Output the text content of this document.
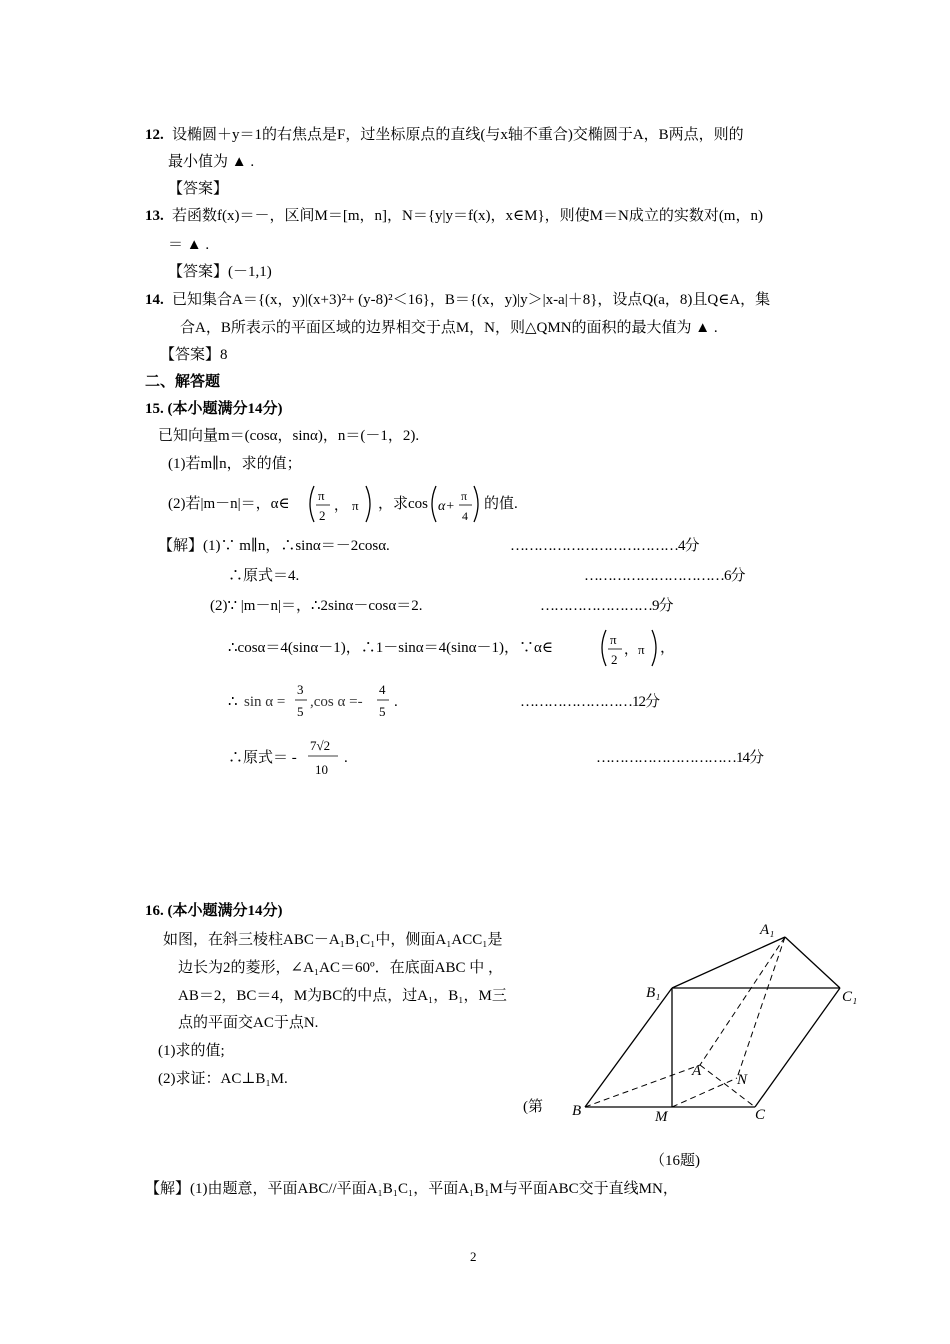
12. 设椭圆＋y＝1的右焦点是F，过坐标原点的直线(与x轴不重合)交椭圆于A，B两点，则的
最小值为 ▲ .
【答案】
13. 若函数f(x)＝－，区间M＝[m，n]，N＝{y|y＝f(x)，x∈M}，则使M＝N成立的实数对(m，n)
＝ ▲ .
【答案】(－1,1)
14. 已知集合A＝{(x，y)|(x+3)²+ (y-8)²＜16}，B＝{(x，y)|y＞|x-a|＋8}，设点Q(a，8)且Q∈A，集
合A，B所表示的平面区域的边界相交于点M，N，则△QMN的面积的最大值为 ▲ .
【答案】8
二、解答题
15. (本小题满分14分)
已知向量m＝(cosα，sinα)，n＝(－1，2).
(1)若m∥n，求的值；
(2)若|m－n|＝，α∈
π
2
， π ，求cos α+
π
4
的值.
【解】(1)∵ m∥n，∴sinα＝－2cosα.	………………………………4分
∴原式＝4.	…………………………6分
(2)∵ |m－n|＝，∴2sinα－cosα＝2.	……………………9分
∴cosα＝4(sinα－1)，∴1－sinα＝4(sinα－1)，∵α∈
π
2
， π ，
∴ sin α =
3
5
,cos α =-
4
5
.	……………………12分
∴原式＝ -
7√2
10
.	…………………………14分
16. (本小题满分14分)
如图，在斜三棱柱ABC－A₁B₁C₁中，侧面A₁ACC₁是
边长为2的菱形，∠A₁AC＝60º．在底面ABC 中 ，
AB＝2，BC＝4，M为BC的中点，过A₁，B₁，M三
点的平面交AC于点N.
(1)求的值;
(2)求证：AC⊥B₁M.
(第
A₁
B₁	C₁
A
N
B	M	C
（16题)
【解】(1)由题意，平面ABC//平面A₁B₁C₁，平面A₁B₁M与平面ABC交于直线MN，
2
